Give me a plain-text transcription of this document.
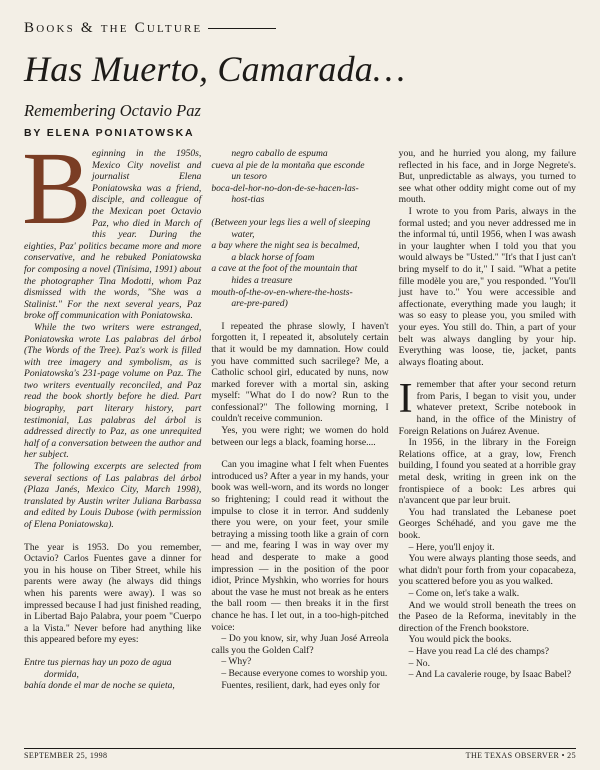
Books & the Culture
Has Muerto, Camarada…
Remembering Octavio Paz
BY ELENA PONIATOWSKA
B eginning in the 1950s, Mexico City novelist and journalist Elena Poniatowska was a friend, disciple, and colleague of the Mexican poet Octavio Paz, who died in March of this year. During the eighties, Paz' politics became more and more conservative, and he rebuked Poniatowska for composing a novel (Tinísima, 1991) about the photographer Tina Modotti, whom Paz dismissed with the words, "She was a Stalinist." For the next several years, Paz broke off communication with Poniatowska.

While the two writers were estranged, Poniatowska wrote Las palabras del árbol (The Words of the Tree). Paz's work is filled with tree imagery and symbolism, as is Poniatowska's 231-page volume on Paz. The two writers eventually reconciled, and Paz read the book shortly before he died. Part biography, part literary history, part testimonial, Las palabras del árbol is addressed directly to Paz, as one unrequited half of a conversation between the author and her subject.

The following excerpts are selected from several sections of Las palabras del árbol (Plaza Janés, Mexico City, March 1998), translated by Austin writer Juliana Barbassa and edited by Louis Dubose (with permission of Elena Poniatowska).

The year is 1953. Do you remember, Octavio? Carlos Fuentes gave a dinner for you in his house on Tiber Street, while his parents were away (he always did things when his parents were away). I was so impressed because I had just finished reading, in Libertad Bajo Palabra, your poem "Cuerpo a la Vista." Never before had anything like this appeared before my eyes:

Entre tus piernas hay un pozo de agua
dormida,
bahía donde el mar de noche se quieta,
negro caballo de espuma
cueva al pie de la montaña que esconde
un tesoro
boca-del-hor-no-don-de-se-hacen-las-
host-tias
(Between your legs lies a well of sleeping
water,
a bay where the night sea is becalmed,
a black horse of foam
a cave at the foot of the mountain that
hides a treasure
mouth-of-the-ov-en-where-the-hosts-
are-pre-pared)

I repeated the phrase slowly, I haven't forgotten it, I repeated it, absolutely certain that it would be my damnation. How could you have committed such sacrilege? Me, a Catholic school girl, educated by nuns, now marked forever with a mortal sin, asking myself: "What do I do now? Run to the confessional?" The following morning, I couldn't receive communion.

Yes, you were right; we women do hold between our legs a black, foaming horse....

Can you imagine what I felt when Fuentes introduced us? After a year in my hands, your book was well-worn, and its words no longer so frightening; I could read it without the impulse to close it in terror. And suddenly there you were, on your feet, your smile betraying a missing tooth like a grain of corn — and me, fearing I was in way over my head and desperate to make a good impression — in the position of the poor idiot, Prince Myshkin, who worries for hours about the vase he must not break as he enters the ball room — then breaks it in the first chance he has. I let out, in a too-high-pitched voice:

– Do you know, sir, why Juan José Arreola calls you the Golden Calf?

– Why?

– Because everyone comes to worship you.

Fuentes, resilient, dark, had eyes only for

you, and he hurried you along, my failure reflected in his face, and in Jorge Negrete's. But, unpredictable as always, you turned to see what other oddity might come out of my mouth.

I wrote to you from Paris, always in the formal usted; and you never addressed me in the informal tú, until 1956, when I was awash in your laughter when I told you that you would always be "Usted." "It's that I just can't bring myself to do it," I said. "What a petite fille modèle you are," you responded. "You'll just have to." You were accessible and affectionate, everything made you laugh; it was so easy to please you, you smiled with your eyes. You still do. Thin, a part of your belt was always dangling by your hip. Everything was loose, tie, jacket, pants always floating about.

I remember that after your second return from Paris, I began to visit you, under whatever pretext, Scribe notebook in hand, in the office of the Ministry of Foreign Relations on Juárez Avenue.

In 1956, in the library in the Foreign Relations office, at a gray, low, French building, I found you seated at a horrible gray metal desk, writing in green ink on the frontispiece of a book: Les arbres qui n'avancent que par leur bruit.

You had translated the Lebanese poet Georges Schéhadé, and you gave me the book.

– Here, you'll enjoy it.

You were always planting those seeds, and what didn't pour forth from your copacabeza, you scattered before you as you walked.

– Come on, let's take a walk.

And we would stroll beneath the trees on the Paseo de la Reforma, inevitably in the direction of the French bookstore.

You would pick the books.

– Have you read La clé des champs?

– No.

– And La cavalerie rouge, by Isaac Babel?

SEPTEMBER 25, 1998	THE TEXAS OBSERVER • 25
